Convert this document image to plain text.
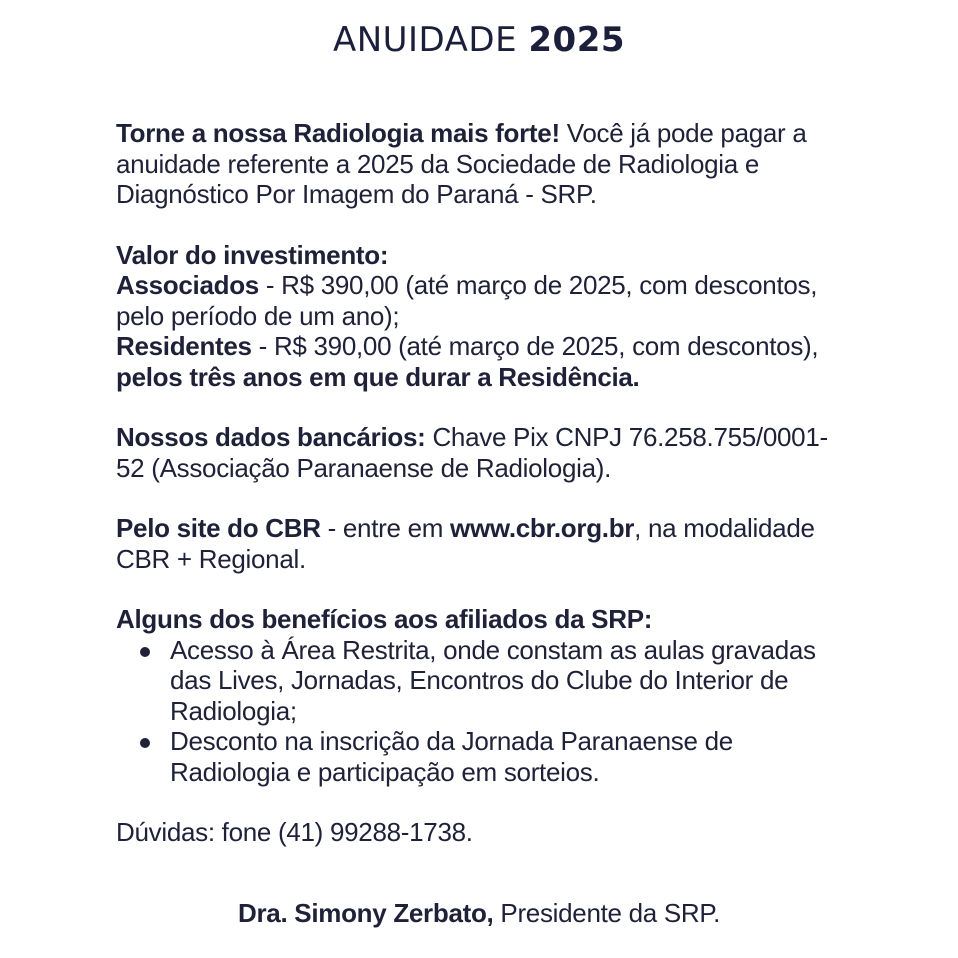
ANUIDADE 2025

Torne a nossa Radiologia mais forte! Você já pode pagar a anuidade referente a 2025 da Sociedade de Radiologia e Diagnóstico Por Imagem do Paraná - SRP.

Valor do investimento:

Associados - R$ 390,00 (até março de 2025, com descontos, pelo período de um ano);

Residentes - R$ 390,00 (até março de 2025, com descontos), pelos três anos em que durar a Residência.

Nossos dados bancários: Chave Pix CNPJ 76.258.755/0001-52 (Associação Paranaense de Radiologia).

Pelo site do CBR - entre em www.cbr.org.br, na modalidade CBR + Regional.

Alguns dos benefícios aos afiliados da SRP:

Acesso à Área Restrita, onde constam as aulas gravadas das Lives, Jornadas, Encontros do Clube do Interior de Radiologia;
Desconto na inscrição da Jornada Paranaense de Radiologia e participação em sorteios.

Dúvidas: fone (41) 99288-1738.

Dra. Simony Zerbato, Presidente da SRP.
